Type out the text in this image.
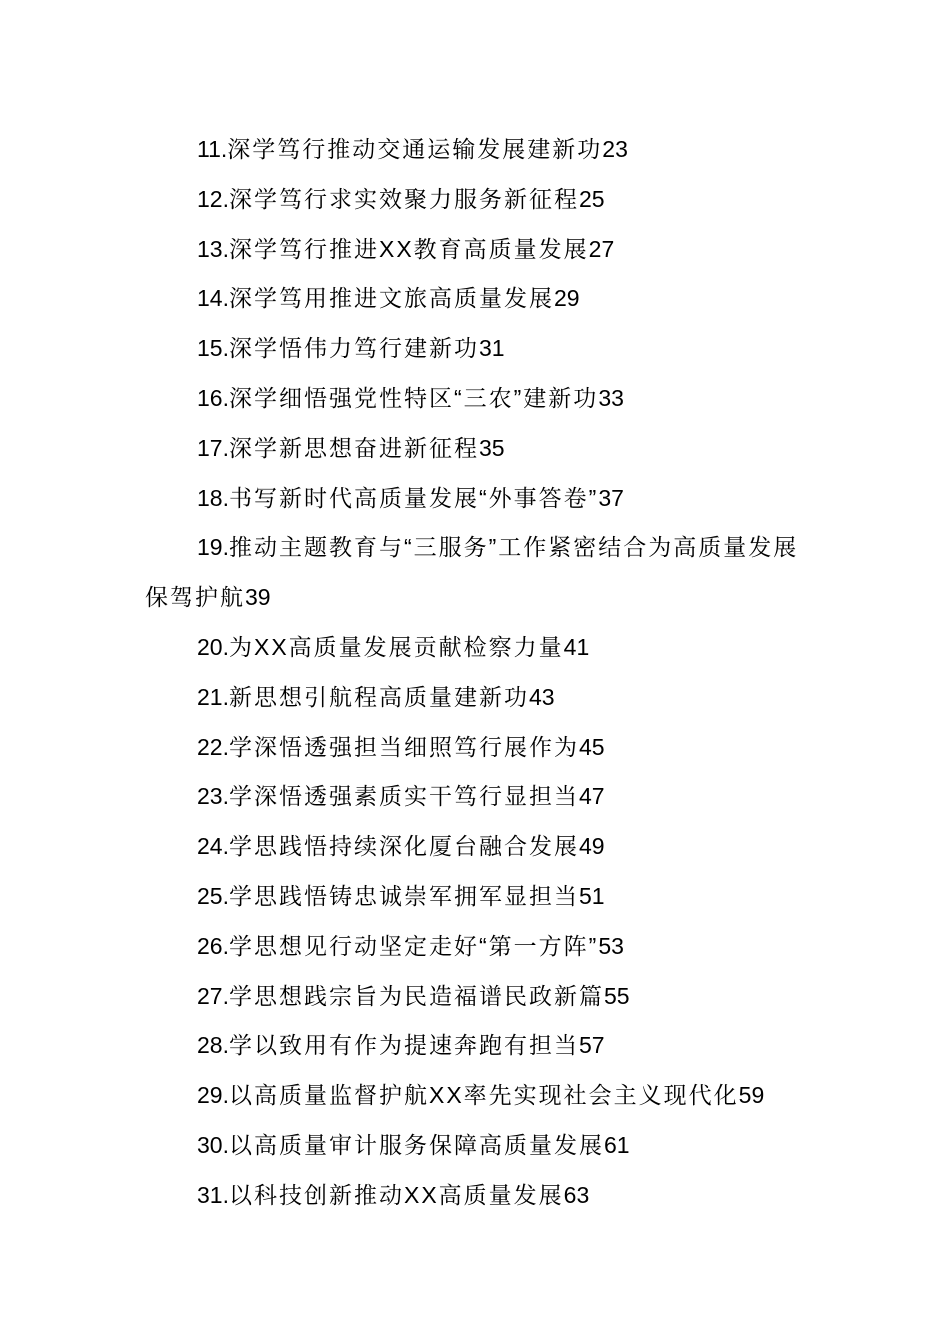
11.深学笃行推动交通运输发展建新功23
12.深学笃行求实效聚力服务新征程25
13.深学笃行推进XX教育高质量发展27
14.深学笃用推进文旅高质量发展29
15.深学悟伟力笃行建新功31
16.深学细悟强党性特区“三农”建新功33
17.深学新思想奋进新征程35
18.书写新时代高质量发展“外事答卷”37
19.推动主题教育与“三服务”工作紧密结合为高质量发展保驾护航39
20.为XX高质量发展贡献检察力量41
21.新思想引航程高质量建新功43
22.学深悟透强担当细照笃行展作为45
23.学深悟透强素质实干笃行显担当47
24.学思践悟持续深化厦台融合发展49
25.学思践悟铸忠诚崇军拥军显担当51
26.学思想见行动坚定走好“第一方阵”53
27.学思想践宗旨为民造福谱民政新篇55
28.学以致用有作为提速奔跑有担当57
29.以高质量监督护航XX率先实现社会主义现代化59
30.以高质量审计服务保障高质量发展61
31.以科技创新推动XX高质量发展63
